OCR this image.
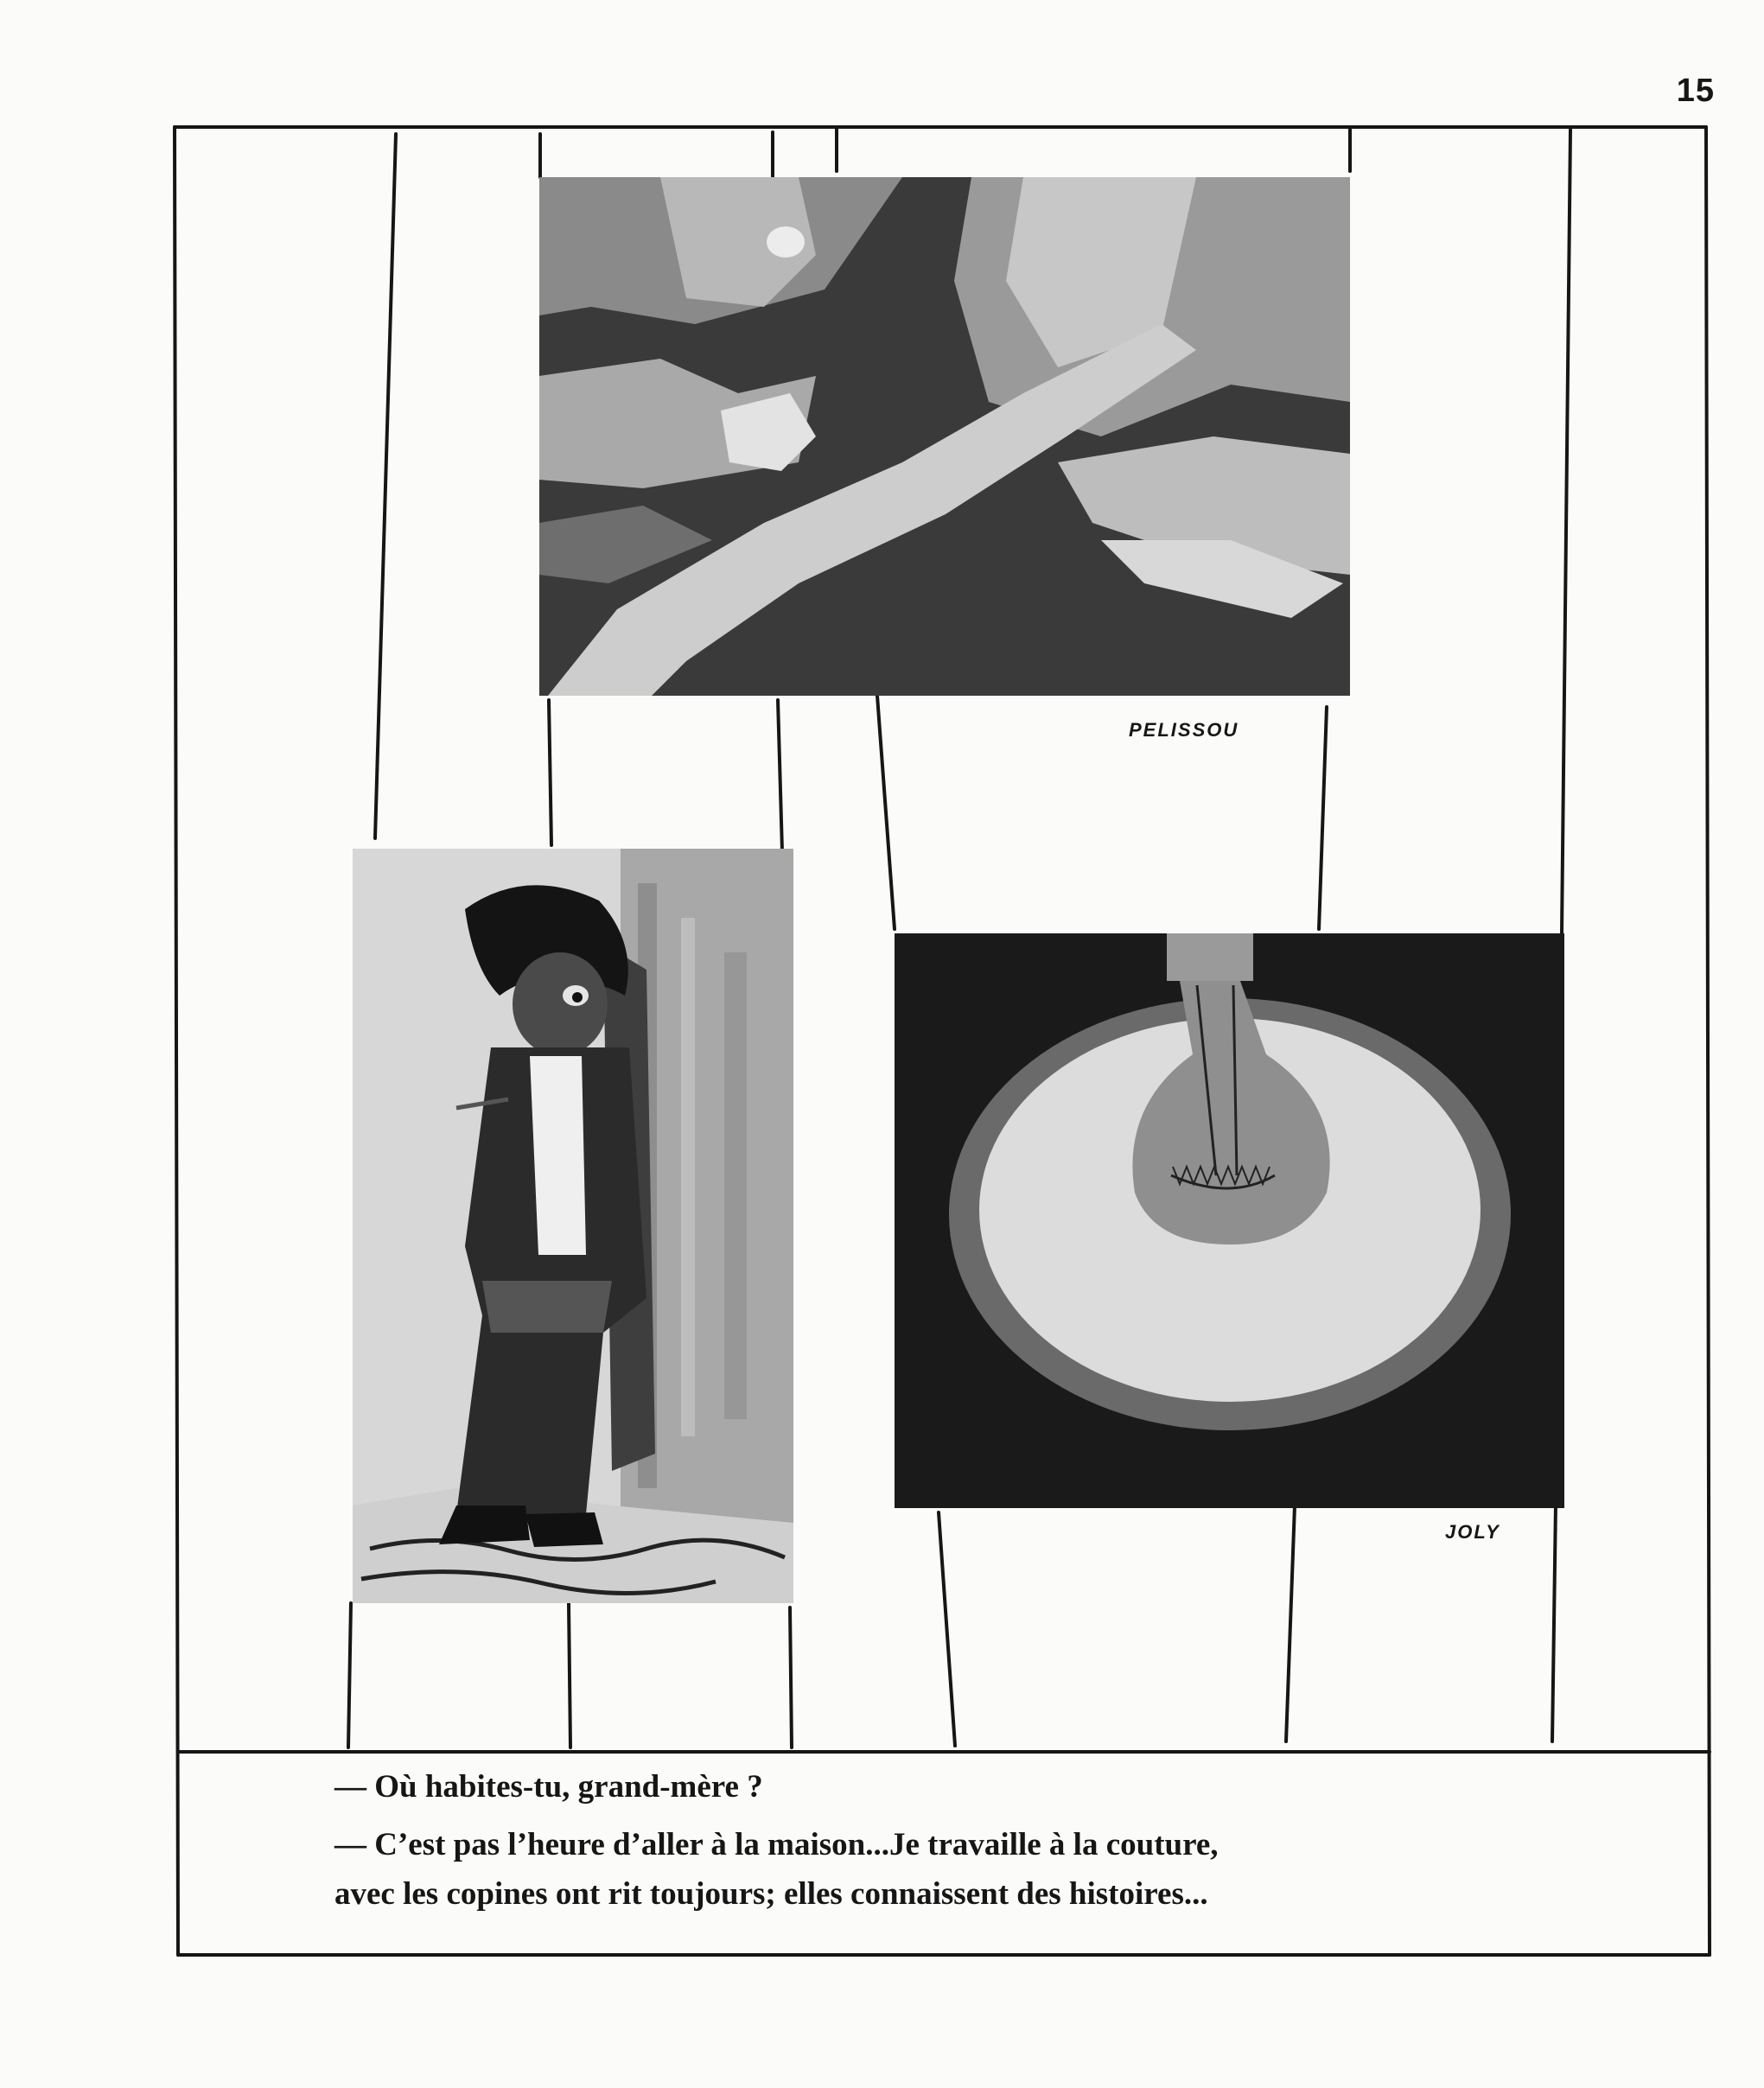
15
PELISSOU
JOLY
— Où habites-tu, grand-mère ?
— C’est pas l’heure d’aller à la maison...Je travaille à la couture,
avec les copines ont rit toujours; elles connaissent des histoires...
